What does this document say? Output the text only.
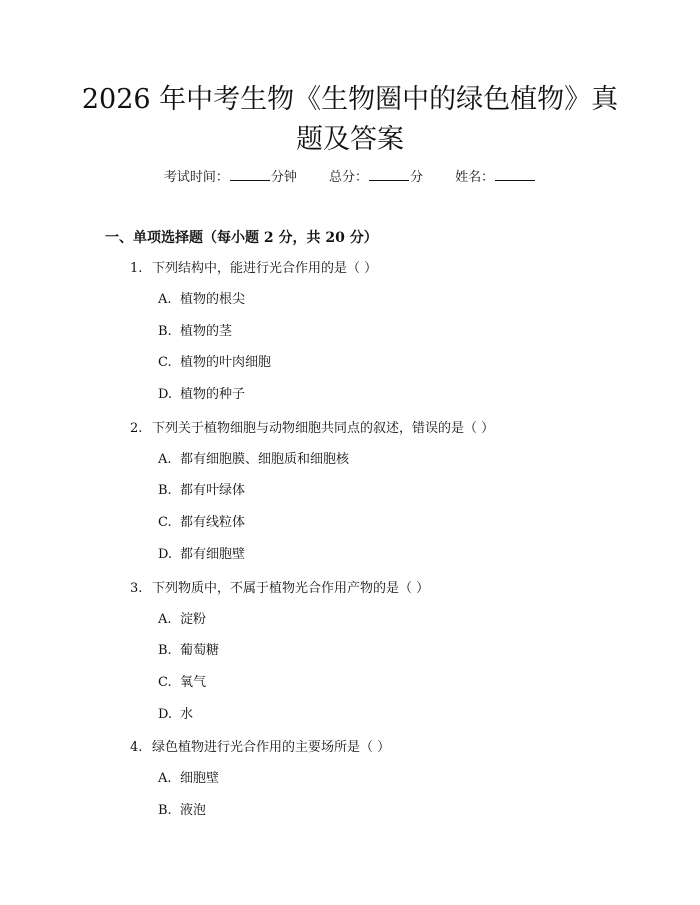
2026 年中考生物《生物圈中的绿色植物》真题及答案
考试时间：	分钟 总分：	分 姓名：
一、单项选择题（每小题 2 分，共 20 分）
1. 下列结构中，能进行光合作用的是（ ）
A. 植物的根尖
B. 植物的茎
C. 植物的叶肉细胞
D. 植物的种子
2. 下列关于植物细胞与动物细胞共同点的叙述，错误的是（ ）
A. 都有细胞膜、细胞质和细胞核
B. 都有叶绿体
C. 都有线粒体
D. 都有细胞壁
3. 下列物质中，不属于植物光合作用产物的是（ ）
A. 淀粉
B. 葡萄糖
C. 氧气
D. 水
4. 绿色植物进行光合作用的主要场所是（ ）
A. 细胞壁
B. 液泡
